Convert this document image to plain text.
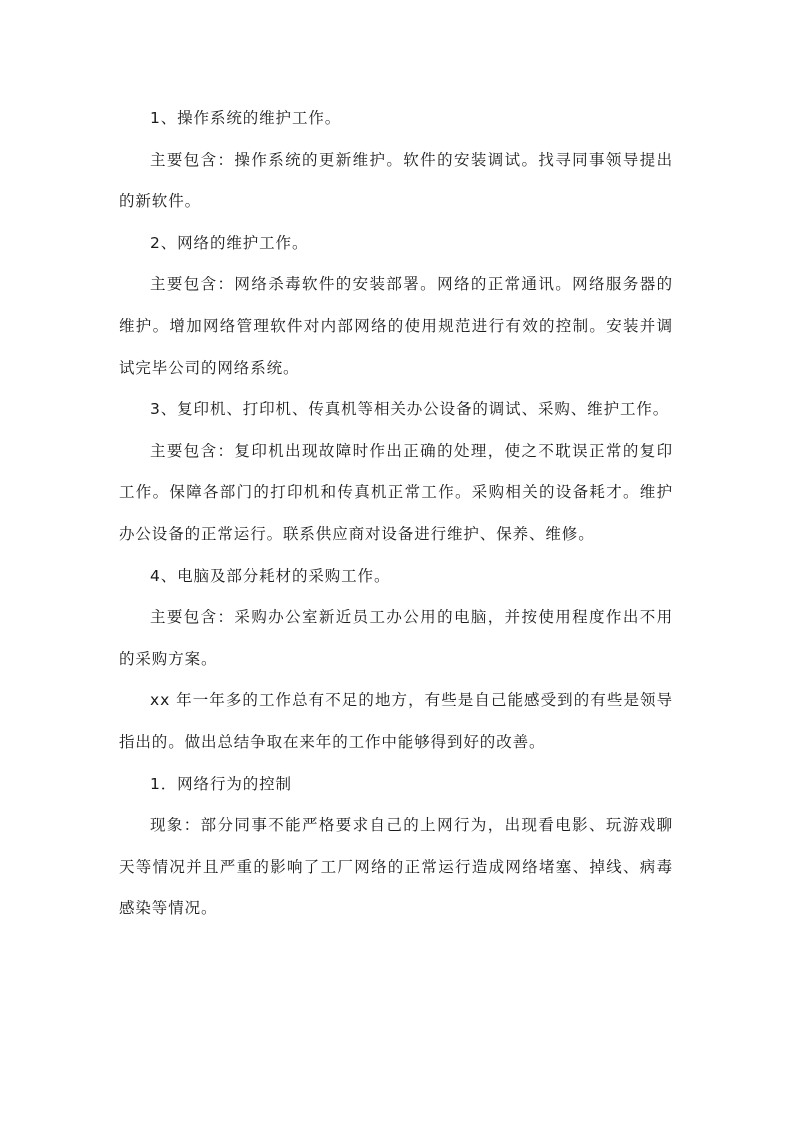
1、操作系统的维护工作。

主要包含：操作系统的更新维护。软件的安装调试。找寻同事领导提出的新软件。

2、网络的维护工作。

主要包含：网络杀毒软件的安装部署。网络的正常通讯。网络服务器的维护。增加网络管理软件对内部网络的使用规范进行有效的控制。安装并调试完毕公司的网络系统。

3、复印机、打印机、传真机等相关办公设备的调试、采购、维护工作。

主要包含：复印机出现故障时作出正确的处理，使之不耽误正常的复印工作。保障各部门的打印机和传真机正常工作。采购相关的设备耗才。维护办公设备的正常运行。联系供应商对设备进行维护、保养、维修。

4、电脑及部分耗材的采购工作。

主要包含：采购办公室新近员工办公用的电脑，并按使用程度作出不用的采购方案。

xx 年一年多的工作总有不足的地方，有些是自己能感受到的有些是领导指出的。做出总结争取在来年的工作中能够得到好的改善。

1．网络行为的控制

现象：部分同事不能严格要求自己的上网行为，出现看电影、玩游戏聊天等情况并且严重的影响了工厂网络的正常运行造成网络堵塞、掉线、病毒感染等情况。
